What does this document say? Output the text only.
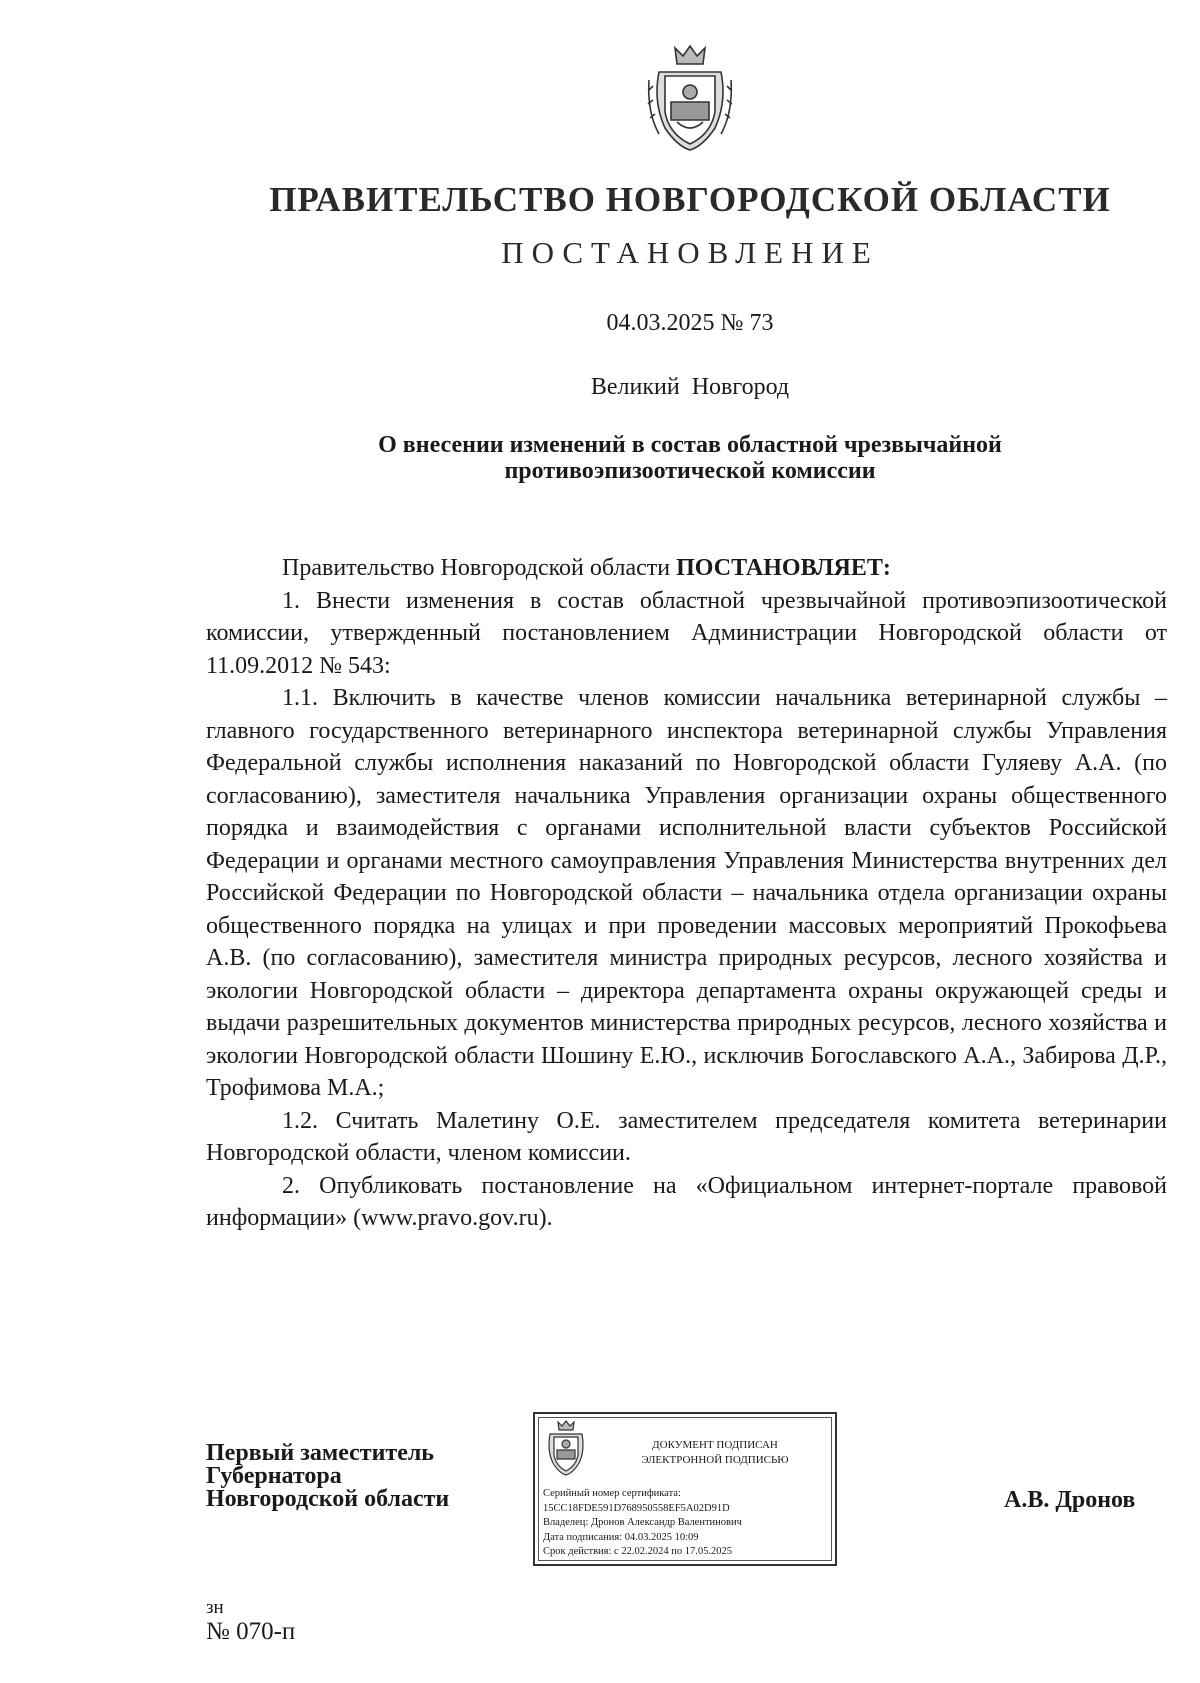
ПРАВИТЕЛЬСТВО НОВГОРОДСКОЙ ОБЛАСТИ
ПОСТАНОВЛЕНИЕ
04.03.2025 № 73
Великий Новгород
О внесении изменений в состав областной чрезвычайной
противоэпизоотической комиссии

Правительство Новгородской области ПОСТАНОВЛЯЕТ:

1. Внести изменения в состав областной чрезвычайной противоэпизоотической комиссии, утвержденный постановлением Администрации Новгородской области от 11.09.2012 № 543:

1.1. Включить в качестве членов комиссии начальника ветеринарной службы – главного государственного ветеринарного инспектора ветеринарной службы Управления Федеральной службы исполнения наказаний по Новгородской области Гуляеву А.А. (по согласованию), заместителя начальника Управления организации охраны общественного порядка и взаимодействия с органами исполнительной власти субъектов Российской Федерации и органами местного самоуправления Управления Министерства внутренних дел Российской Федерации по Новгородской области – начальника отдела организации охраны общественного порядка на улицах и при проведении массовых мероприятий Прокофьева А.В. (по согласованию), заместителя министра природных ресурсов, лесного хозяйства и экологии Новгородской области – директора департамента охраны окружающей среды и выдачи разрешительных документов министерства природных ресурсов, лесного хозяйства и экологии Новгородской области Шошину Е.Ю., исключив Богославского А.А., Забирова Д.Р., Трофимова М.А.;

1.2. Считать Малетину О.Е. заместителем председателя комитета ветеринарии Новгородской области, членом комиссии.

2. Опубликовать постановление на «Официальном интернет-портале правовой информации» (www.pravo.gov.ru).

Первый заместитель
Губернатора
Новгородской области
ДОКУМЕНТ ПОДПИСАН
ЭЛЕКТРОННОЙ ПОДПИСЬЮ
Серийный номер сертификата:
15CC18FDE591D768950558EF5A02D91D
Владелец: Дронов Александр Валентинович
Дата подписания: 04.03.2025 10:09
Срок действия: с 22.02.2024 по 17.05.2025
А.В. Дронов
зн
№ 070-п
